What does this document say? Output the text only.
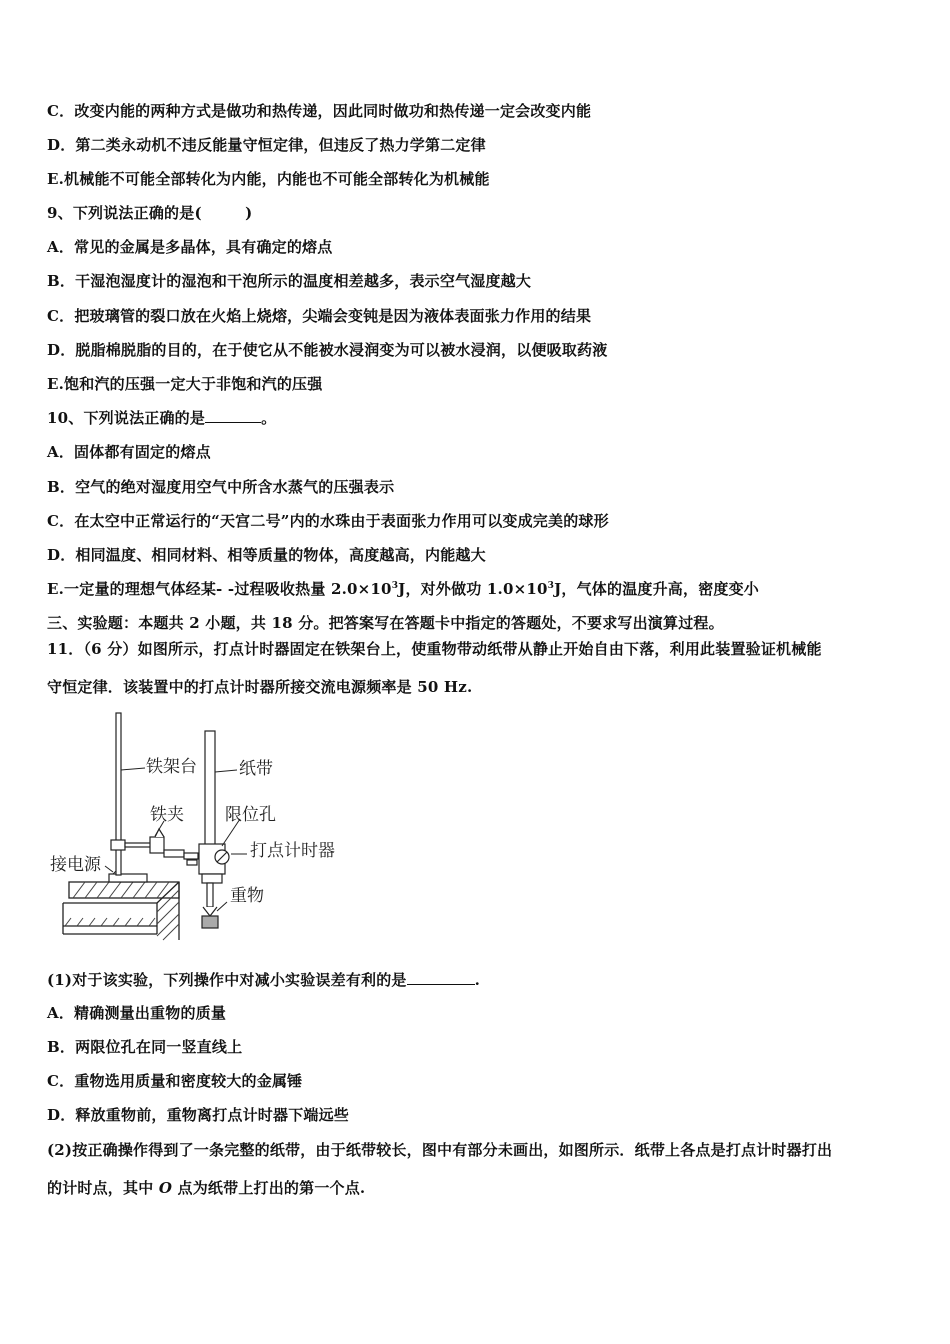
C．改变内能的两种方式是做功和热传递，因此同时做功和热传递一定会改变内能
D．第二类永动机不违反能量守恒定律，但违反了热力学第二定律
E.机械能不可能全部转化为内能，内能也不可能全部转化为机械能
9、下列说法正确的是(        )
A．常见的金属是多晶体，具有确定的熔点
B．干湿泡湿度计的湿泡和干泡所示的温度相差越多，表示空气湿度越大
C．把玻璃管的裂口放在火焰上烧熔，尖端会变钝是因为液体表面张力作用的结果
D．脱脂棉脱脂的目的，在于使它从不能被水浸润变为可以被水浸润，以便吸取药液
E.饱和汽的压强一定大于非饱和汽的压强
10、下列说法正确的是	。
A．固体都有固定的熔点
B．空气的绝对湿度用空气中所含水蒸气的压强表示
C．在太空中正常运行的“天宫二号”内的水珠由于表面张力作用可以变成完美的球形
D．相同温度、相同材料、相等质量的物体，高度越高，内能越大
E.一定量的理想气体经某- -过程吸收热量 $2.0\times 10^3J$，对外做功 $1.0\times 10^3J$，气体的温度升高，密度变小
三、实验题：本题共 2 小题，共 18 分。把答案写在答题卡中指定的答题处，不要求写出演算过程。
11．（6 分）如图所示，打点计时器固定在铁架台上，使重物带动纸带从静止开始自由下落，利用此装置验证机械能
守恒定律．该装置中的打点计时器所接交流电源频率是 50 Hz.
铁架台 纸带
铁夹 限位孔
打点计时器
接电源
重物
(1)对于该实验，下列操作中对减小实验误差有利的是	.
A．精确测量出重物的质量
B．两限位孔在同一竖直线上
C．重物选用质量和密度较大的金属锤
D．释放重物前，重物离打点计时器下端远些
(2)按正确操作得到了一条完整的纸带，由于纸带较长，图中有部分未画出，如图所示．纸带上各点是打点计时器打出
的计时点，其中 O 点为纸带上打出的第一个点.
